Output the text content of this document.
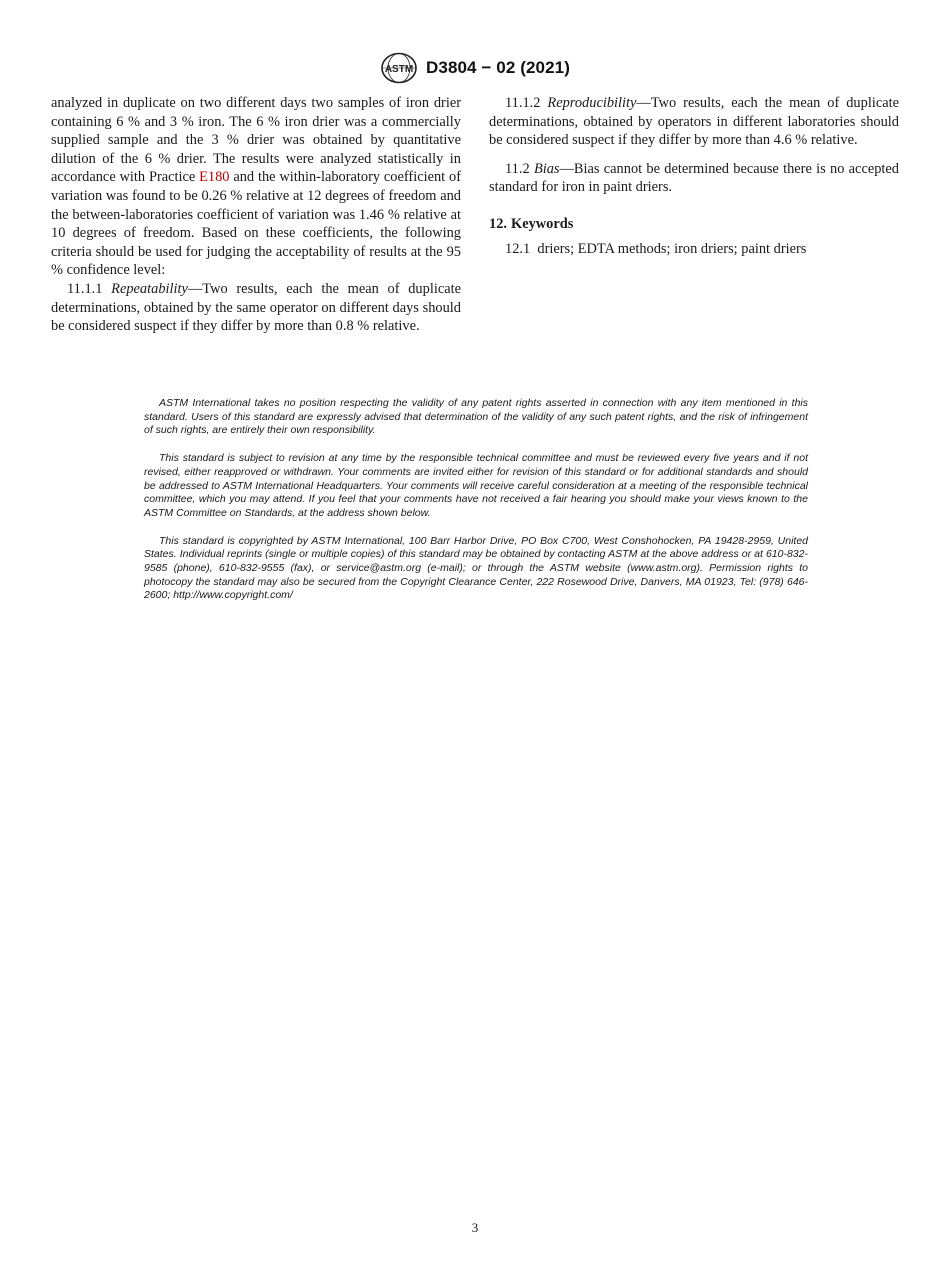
ASTM D3804 − 02 (2021)

analyzed in duplicate on two different days two samples of iron drier containing 6 % and 3 % iron. The 6 % iron drier was a commercially supplied sample and the 3 % drier was obtained by quantitative dilution of the 6 % drier. The results were analyzed statistically in accordance with Practice E180 and the within-laboratory coefficient of variation was found to be 0.26 % relative at 12 degrees of freedom and the between-laboratories coefficient of variation was 1.46 % relative at 10 degrees of freedom. Based on these coefficients, the following criteria should be used for judging the acceptability of results at the 95 % confidence level:

11.1.1 Repeatability—Two results, each the mean of duplicate determinations, obtained by the same operator on different days should be considered suspect if they differ by more than 0.8 % relative.

11.1.2 Reproducibility—Two results, each the mean of duplicate determinations, obtained by operators in different laboratories should be considered suspect if they differ by more than 4.6 % relative.

11.2 Bias—Bias cannot be determined because there is no accepted standard for iron in paint driers.

12. Keywords

12.1 driers; EDTA methods; iron driers; paint driers

ASTM International takes no position respecting the validity of any patent rights asserted in connection with any item mentioned in this standard. Users of this standard are expressly advised that determination of the validity of any such patent rights, and the risk of infringement of such rights, are entirely their own responsibility.

This standard is subject to revision at any time by the responsible technical committee and must be reviewed every five years and if not revised, either reapproved or withdrawn. Your comments are invited either for revision of this standard or for additional standards and should be addressed to ASTM International Headquarters. Your comments will receive careful consideration at a meeting of the responsible technical committee, which you may attend. If you feel that your comments have not received a fair hearing you should make your views known to the ASTM Committee on Standards, at the address shown below.

This standard is copyrighted by ASTM International, 100 Barr Harbor Drive, PO Box C700, West Conshohocken, PA 19428-2959, United States. Individual reprints (single or multiple copies) of this standard may be obtained by contacting ASTM at the above address or at 610-832-9585 (phone), 610-832-9555 (fax), or service@astm.org (e-mail); or through the ASTM website (www.astm.org). Permission rights to photocopy the standard may also be secured from the Copyright Clearance Center, 222 Rosewood Drive, Danvers, MA 01923, Tel: (978) 646-2600; http://www.copyright.com/

3
